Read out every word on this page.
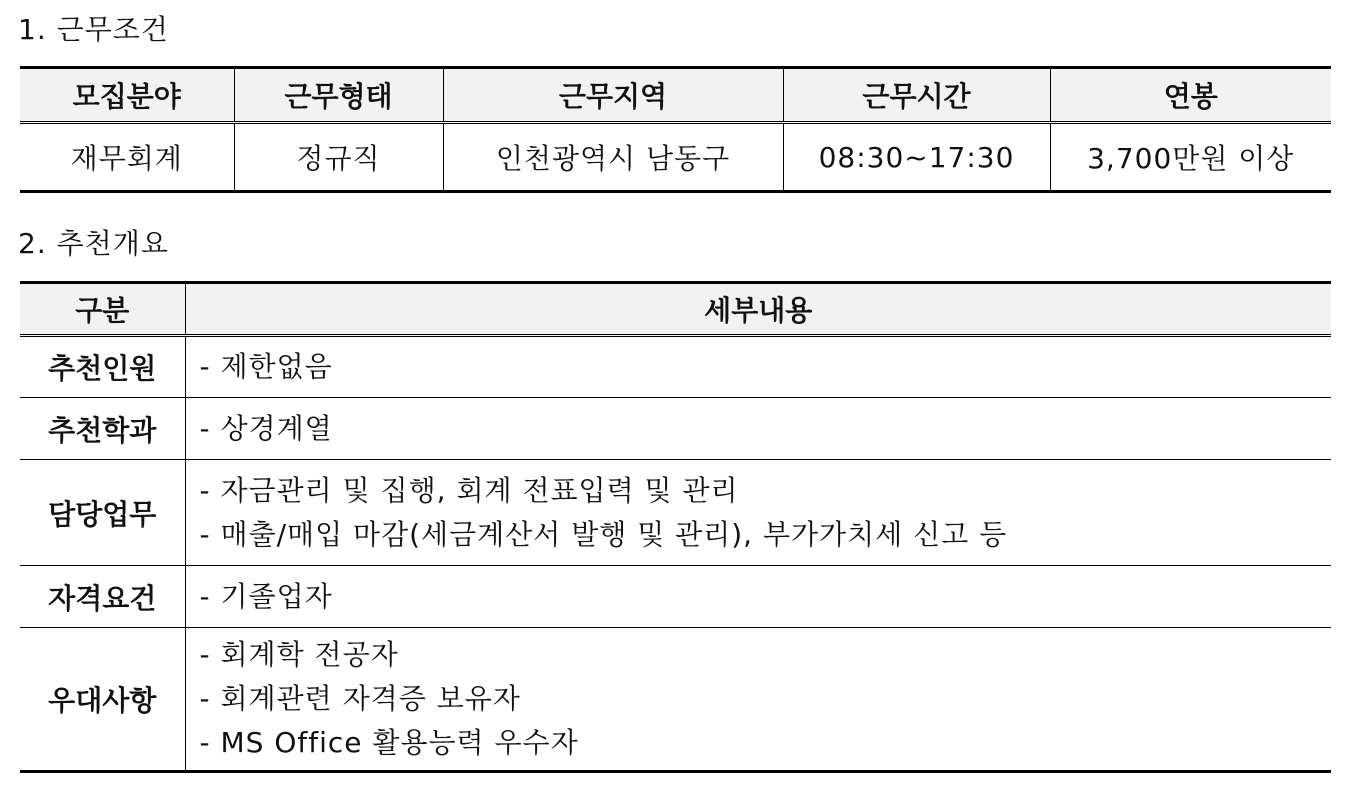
1. 근무조건
모집분야	근무형태	근무지역	근무시간	연봉
재무회계	정규직	인천광역시 남동구	08:30~17:30	3,700만원 이상
2. 추천개요
구분	세부내용
추천인원	- 제한없음

추천학과	- 상경계열

담당업무	- 자금관리 및 집행, 회계 전표입력 및 관리
- 매출/매입 마감(세금계산서 발행 및 관리), 부가가치세 신고 등

자격요건	- 기졸업자

우대사항	- 회계학 전공자
- 회계관련 자격증 보유자
- MS Office 활용능력 우수자
